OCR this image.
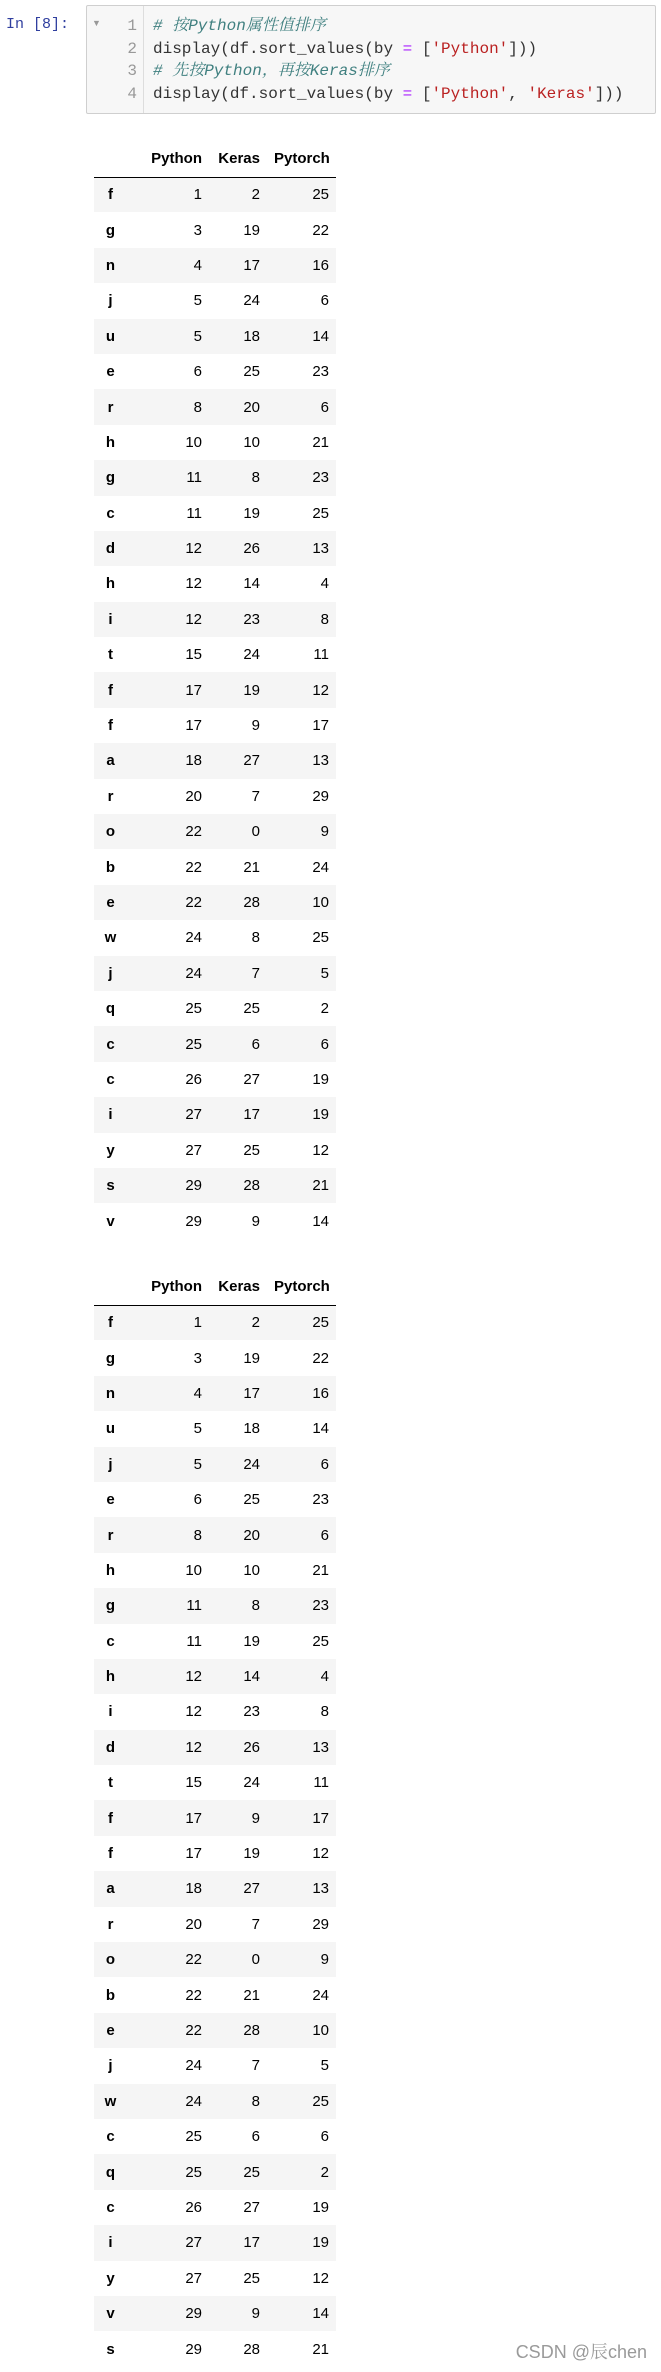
In [8]:	▼	1 # 按Python属性值排序
2 display(df.sort_values(by = ['Python']))
3 # 先按Python，再按Keras排序
4 display(df.sort_values(by = ['Python', 'Keras']))
	Python	Keras	Pytorch
f	1	2	25
g	3	19	22
n	4	17	16
j	5	24	6
u	5	18	14
e	6	25	23
r	8	20	6
h	10	10	21
g	11	8	23
c	11	19	25
d	12	26	13
h	12	14	4
i	12	23	8
t	15	24	11
f	17	19	12
f	17	9	17
a	18	27	13
r	20	7	29
o	22	0	9
b	22	21	24
e	22	28	10
w	24	8	25
j	24	7	5
q	25	25	2
c	25	6	6
c	26	27	19
i	27	17	19
y	27	25	12
s	29	28	21
v	29	9	14
	Python	Keras	Pytorch
f	1	2	25
g	3	19	22
n	4	17	16
u	5	18	14
j	5	24	6
e	6	25	23
r	8	20	6
h	10	10	21
g	11	8	23
c	11	19	25
h	12	14	4
i	12	23	8
d	12	26	13
t	15	24	11
f	17	9	17
f	17	19	12
a	18	27	13
r	20	7	29
o	22	0	9
b	22	21	24
e	22	28	10
j	24	7	5
w	24	8	25
c	25	6	6
q	25	25	2
c	26	27	19
i	27	17	19
y	27	25	12
v	29	9	14
s	29	28	21	CSDN @辰chen
